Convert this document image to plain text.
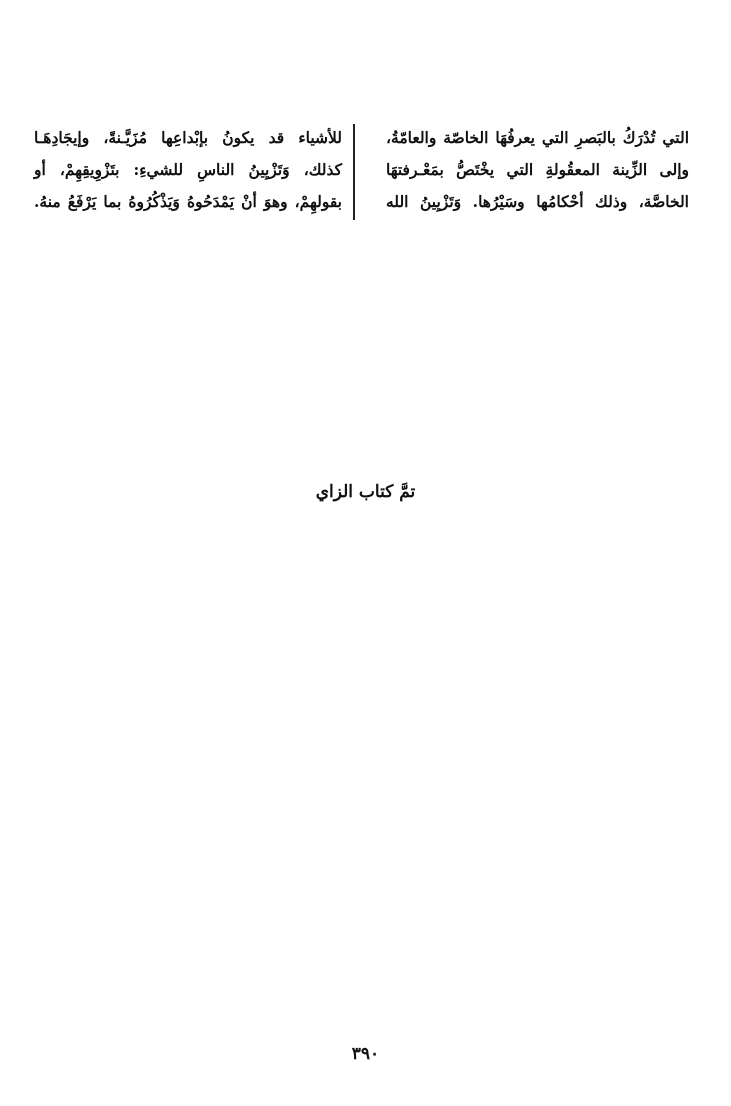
التي تُدْرَكُ بالبَصرِ التي يعرفُهَا الخاصّة والعامّةُ،
وإلى الزِّينة المعقُولةِ التي يخْتَصُّ بمَعْـرفتهَا
الخاصَّة، وذلك أحْكامُها وسَيْرُها. وَتَزْيِينُ الله
للأشياء قد يكونُ بإبْداعِها مُزَيَّـنةً، وإيجَادِهَـا
كذلك، وَتَزْيِينُ الناسِ للشيءِ: بتَزْوِيقِهِمْ، أو
بقولهِمْ، وهوَ أنْ يَمْدَحُوهُ وَيَذْكُرُوهُ بما يَرْفَعُ منهُ.
تمَّ كتاب الزاي
٣٩٠
